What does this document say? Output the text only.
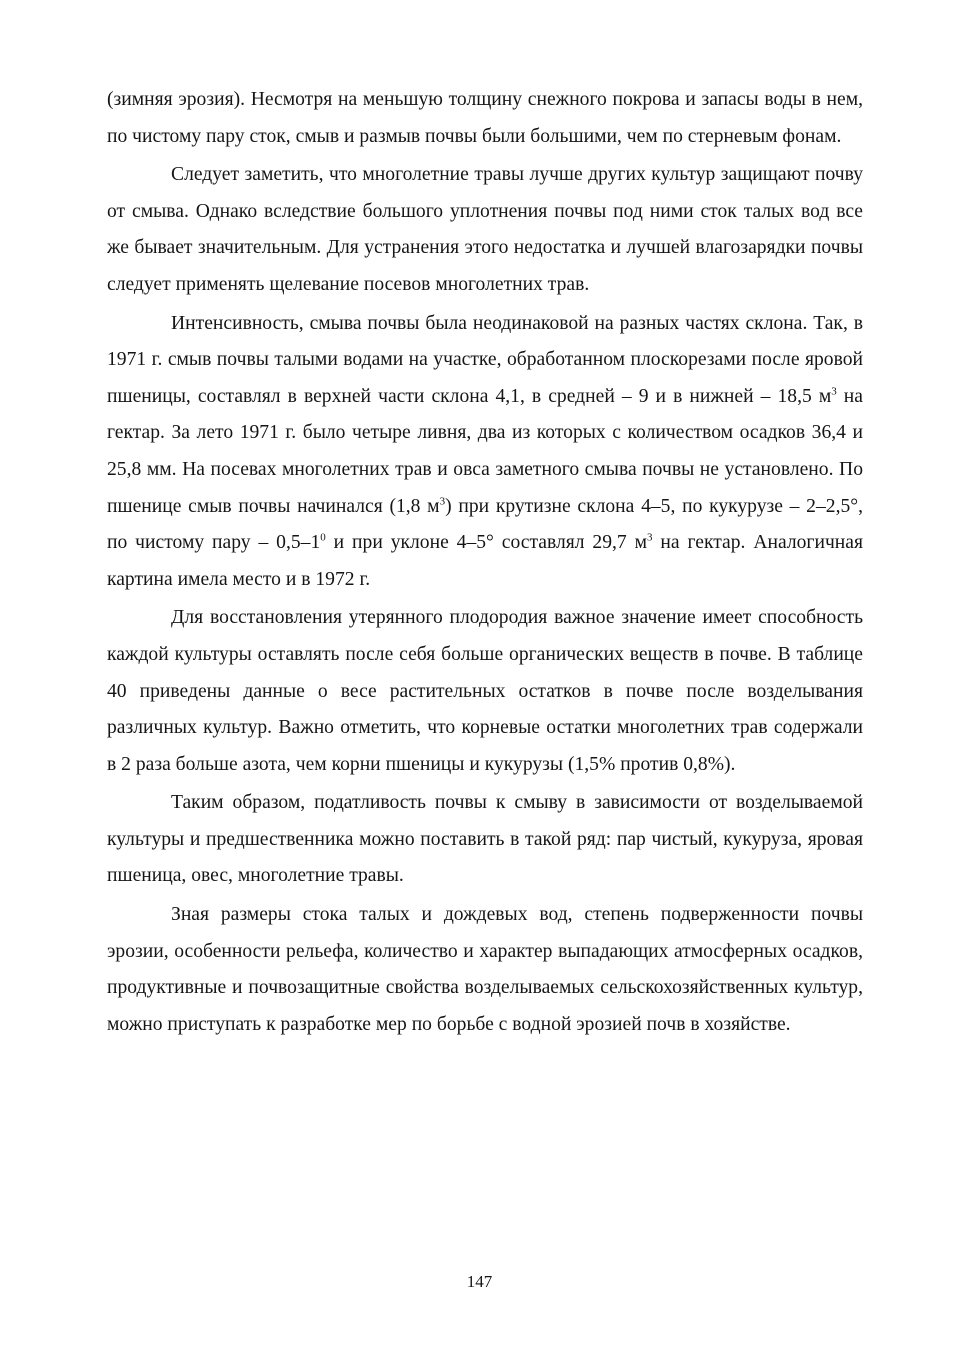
(зимняя эрозия). Несмотря на меньшую толщину снежного покрова и запасы воды в нем, по чистому пару сток, смыв и размыв почвы были большими, чем по стерневым фонам.

Следует заметить, что многолетние травы лучше других культур защищают почву от смыва. Однако вследствие большого уплотнения почвы под ними сток талых вод все же бывает значительным. Для устранения этого недостатка и лучшей влагозарядки почвы следует применять щелевание посевов многолетних трав.

Интенсивность, смыва почвы была неодинаковой на разных частях склона. Так, в 1971 г. смыв почвы талыми водами на участке, обработанном плоскорезами после яровой пшеницы, составлял в верхней части склона 4,1, в средней – 9 и в нижней – 18,5 $м^3$ на гектар. За лето 1971 г. было четыре ливня, два из которых с количеством осадков 36,4 и 25,8 мм. На посевах многолетних трав и овса заметного смыва почвы не установлено. По пшенице смыв почвы начинался (1,8 $м^3$) при крутизне склона 4–5, по кукурузе – 2–2,5°, по чистому пару – $0,5-1^0$ и при уклоне 4–5° составлял 29,7 $м^3$ на гектар. Аналогичная картина имела место и в 1972 г.

Для восстановления утерянного плодородия важное значение имеет способность каждой культуры оставлять после себя больше органических веществ в почве. В таблице 40 приведены данные о весе растительных остатков в почве после возделывания различных культур. Важно отметить, что корневые остатки многолетних трав содержали в 2 раза больше азота, чем корни пшеницы и кукурузы (1,5% против 0,8%).

Таким образом, податливость почвы к смыву в зависимости от возделываемой культуры и предшественника можно поставить в такой ряд: пар чистый, кукуруза, яровая пшеница, овес, многолетние травы.

Зная размеры стока талых и дождевых вод, степень подверженности почвы эрозии, особенности рельефа, количество и характер выпадающих атмосферных осадков, продуктивные и почвозащитные свойства возделываемых сельскохозяйственных культур, можно приступать к разработке мер по борьбе с водной эрозией почв в хозяйстве.

147
